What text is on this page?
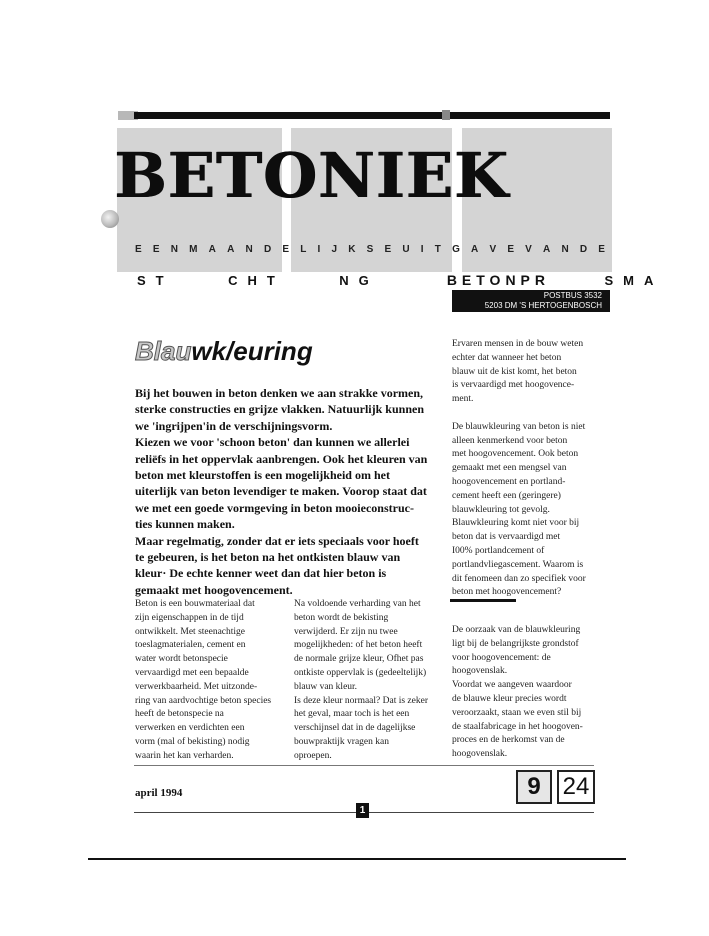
BETONIEK
E E N M A A N D E L I J K S E U I T G A V E V A N D E
ST	CHT	NG	BETONPR	SMA
POSTBUS 3532
5203 DM 'S HERTOGENBOSCH
Blauwk/euring
Bij het bouwen in beton denken we aan strakke vormen,
sterke constructies en grijze vlakken. Natuurlijk kunnen
we 'ingrijpen'in de verschijningsvorm.
Kiezen we voor 'schoon beton' dan kunnen we allerlei
reliëfs in het oppervlak aanbrengen. Ook het kleuren van
beton met kleurstoffen is een mogelijkheid om het
uiterlijk van beton levendiger te maken. Voorop staat dat
we met een goede vormgeving in beton mooieconstruc-
ties kunnen maken.
Maar regelmatig, zonder dat er iets speciaals voor hoeft
te gebeuren, is het beton na het ontkisten blauw van
kleur· De echte kenner weet dan dat hier beton is
gemaakt met hoogovencement.
Ervaren mensen in de bouw weten
echter dat wanneer het beton
blauw uit de kist komt, het beton
is vervaardigd met hoogovence-
ment.
De blauwkleuring van beton is niet
alleen kenmerkend voor beton
met hoogovencement. Ook beton
gemaakt met een mengsel van
hoogovencement en portland-
cement heeft een (geringere)
blauwkleuring tot gevolg.
Blauwkleuring komt niet voor bij
beton dat is vervaardigd met
I00% portlandcement of
portlandvliegascement. Waarom is
dit fenomeen dan zo specifiek voor
beton met hoogovencement?
Beton is een bouwmateriaal dat
zijn eigenschappen in de tijd
ontwikkelt. Met steenachtige
toeslagmaterialen, cement en
water wordt betonspecie
vervaardigd met een bepaalde
verwerkbaarheid. Met uitzonde-
ring van aardvochtige beton species
heeft de betonspecie na
verwerken en verdichten een
vorm (mal of bekisting) nodig
waarin het kan verharden.
Na voldoende verharding van het
beton wordt de bekisting
verwijderd. Er zijn nu twee
mogelijkheden: of het beton heeft
de normale grijze kleur, Ofhet pas
ontkiste oppervlak is (gedeeltelijk)
blauw van kleur.
Is deze kleur normaal? Dat is zeker
het geval, maar toch is het een
verschijnsel dat in de dagelijkse
bouwpraktijk vragen kan
oproepen.
De oorzaak van de blauwkleuring
ligt bij de belangrijkste grondstof
voor hoogovencement: de
hoogovenslak.
Voordat we aangeven waardoor
de blauwe kleur precies wordt
veroorzaakt, staan we even stil bij
de staalfabricage in het hoogoven-
proces en de herkomst van de
hoogovenslak.
april 1994	9 24
1
